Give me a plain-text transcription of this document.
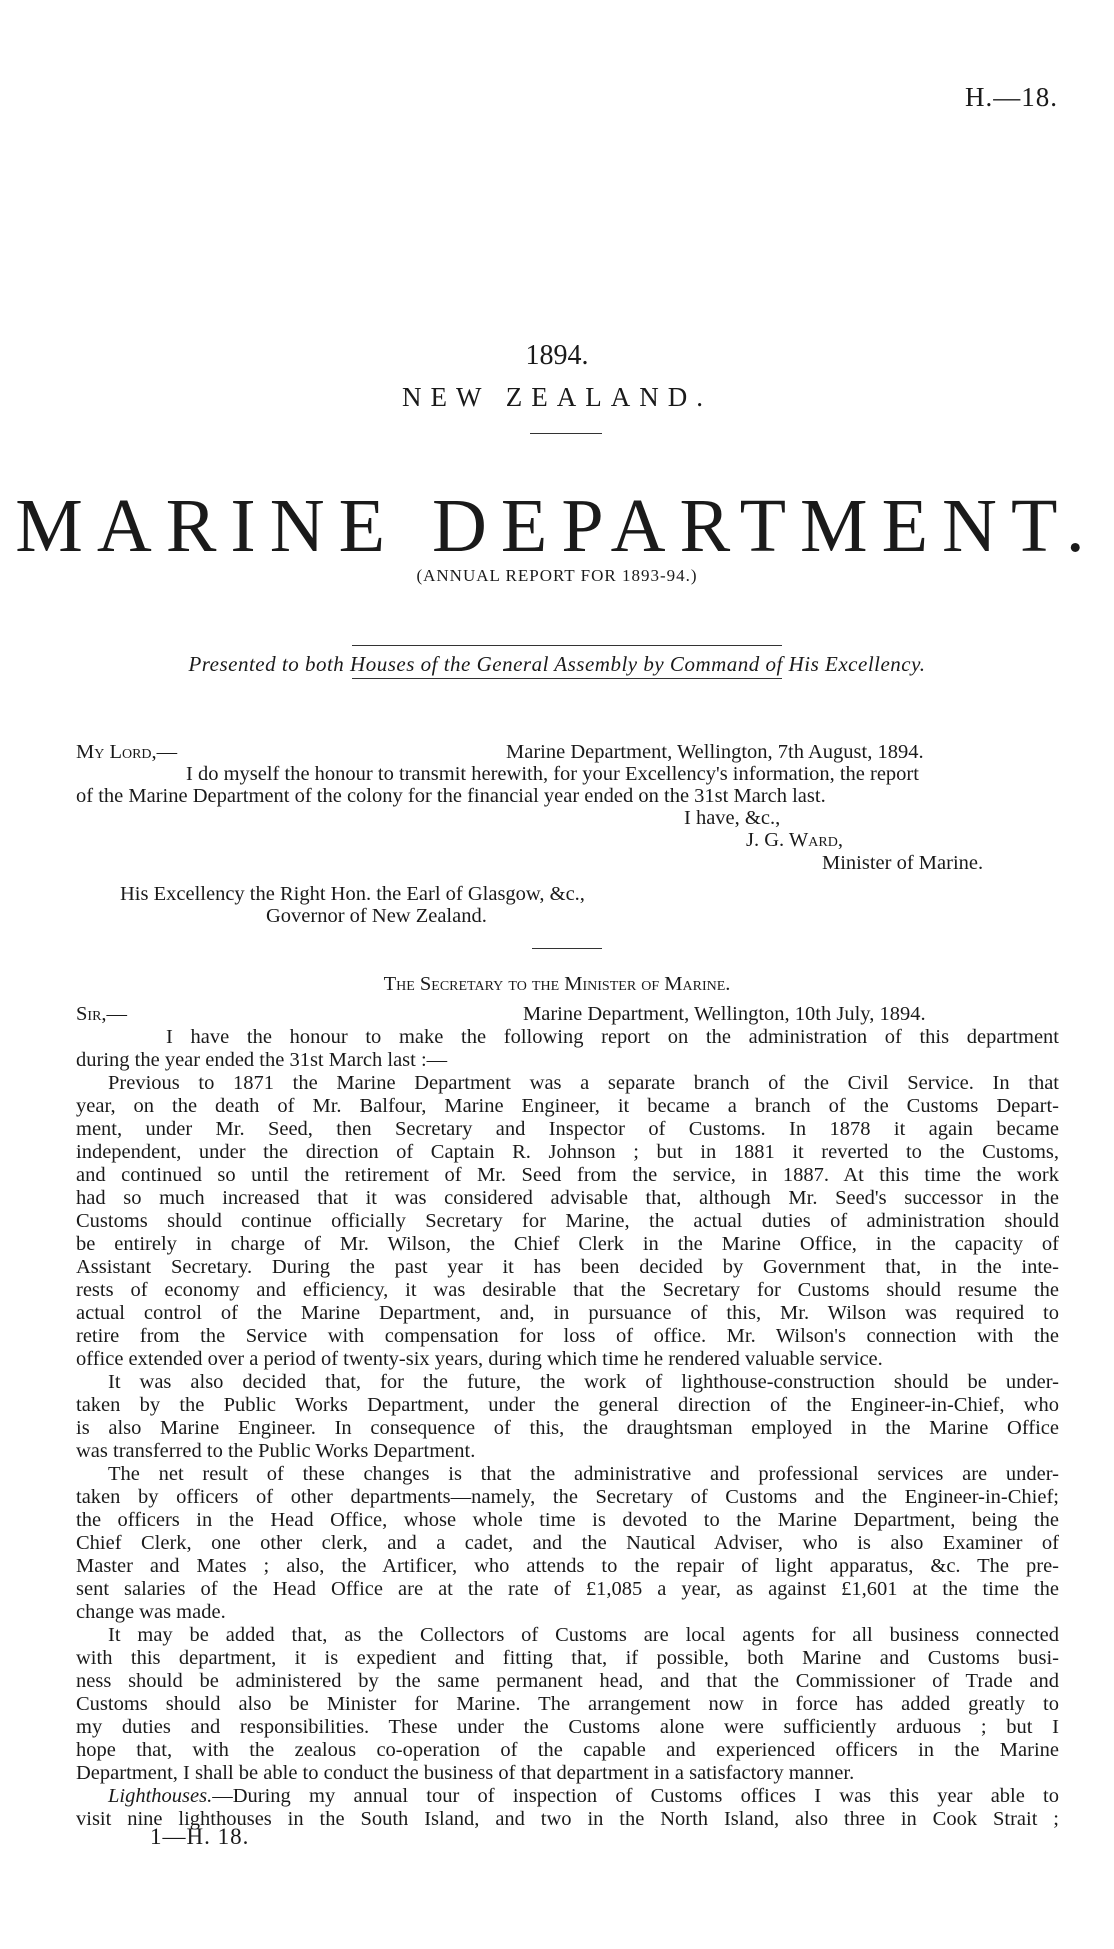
H.—18.
1894.
NEW ZEALAND.
MARINE DEPARTMENT.
(ANNUAL REPORT FOR 1893-94.)
Presented to both Houses of the General Assembly by Command of His Excellency.
My Lord,—	Marine Department, Wellington, 7th August, 1894.
I do myself the honour to transmit herewith, for your Excellency's information, the report
of the Marine Department of the colony for the financial year ended on the 31st March last.
I have, &c.,
J. G. Ward,
Minister of Marine.
His Excellency the Right Hon. the Earl of Glasgow, &c.,
Governor of New Zealand.
The Secretary to the Minister of Marine.
Sir,—	Marine Department, Wellington, 10th July, 1894.
I have the honour to make the following report on the administration of this department
during the year ended the 31st March last :—
Previous to 1871 the Marine Department was a separate branch of the Civil Service. In that
year, on the death of Mr. Balfour, Marine Engineer, it became a branch of the Customs Depart-
ment, under Mr. Seed, then Secretary and Inspector of Customs. In 1878 it again became
independent, under the direction of Captain R. Johnson ; but in 1881 it reverted to the Customs,
and continued so until the retirement of Mr. Seed from the service, in 1887. At this time the work
had so much increased that it was considered advisable that, although Mr. Seed's successor in the
Customs should continue officially Secretary for Marine, the actual duties of administration should
be entirely in charge of Mr. Wilson, the Chief Clerk in the Marine Office, in the capacity of
Assistant Secretary. During the past year it has been decided by Government that, in the inte-
rests of economy and efficiency, it was desirable that the Secretary for Customs should resume the
actual control of the Marine Department, and, in pursuance of this, Mr. Wilson was required to
retire from the Service with compensation for loss of office. Mr. Wilson's connection with the
office extended over a period of twenty-six years, during which time he rendered valuable service.
It was also decided that, for the future, the work of lighthouse-construction should be under-
taken by the Public Works Department, under the general direction of the Engineer-in-Chief, who
is also Marine Engineer. In consequence of this, the draughtsman employed in the Marine Office
was transferred to the Public Works Department.
The net result of these changes is that the administrative and professional services are under-
taken by officers of other departments—namely, the Secretary of Customs and the Engineer-in-Chief;
the officers in the Head Office, whose whole time is devoted to the Marine Department, being the
Chief Clerk, one other clerk, and a cadet, and the Nautical Adviser, who is also Examiner of
Master and Mates ; also, the Artificer, who attends to the repair of light apparatus, &c. The pre-
sent salaries of the Head Office are at the rate of £1,085 a year, as against £1,601 at the time the
change was made.
It may be added that, as the Collectors of Customs are local agents for all business connected
with this department, it is expedient and fitting that, if possible, both Marine and Customs busi-
ness should be administered by the same permanent head, and that the Commissioner of Trade and
Customs should also be Minister for Marine. The arrangement now in force has added greatly to
my duties and responsibilities. These under the Customs alone were sufficiently arduous ; but I
hope that, with the zealous co-operation of the capable and experienced officers in the Marine
Department, I shall be able to conduct the business of that department in a satisfactory manner.
Lighthouses.—During my annual tour of inspection of Customs offices I was this year able to
visit nine lighthouses in the South Island, and two in the North Island, also three in Cook Strait ;
1—H. 18.
